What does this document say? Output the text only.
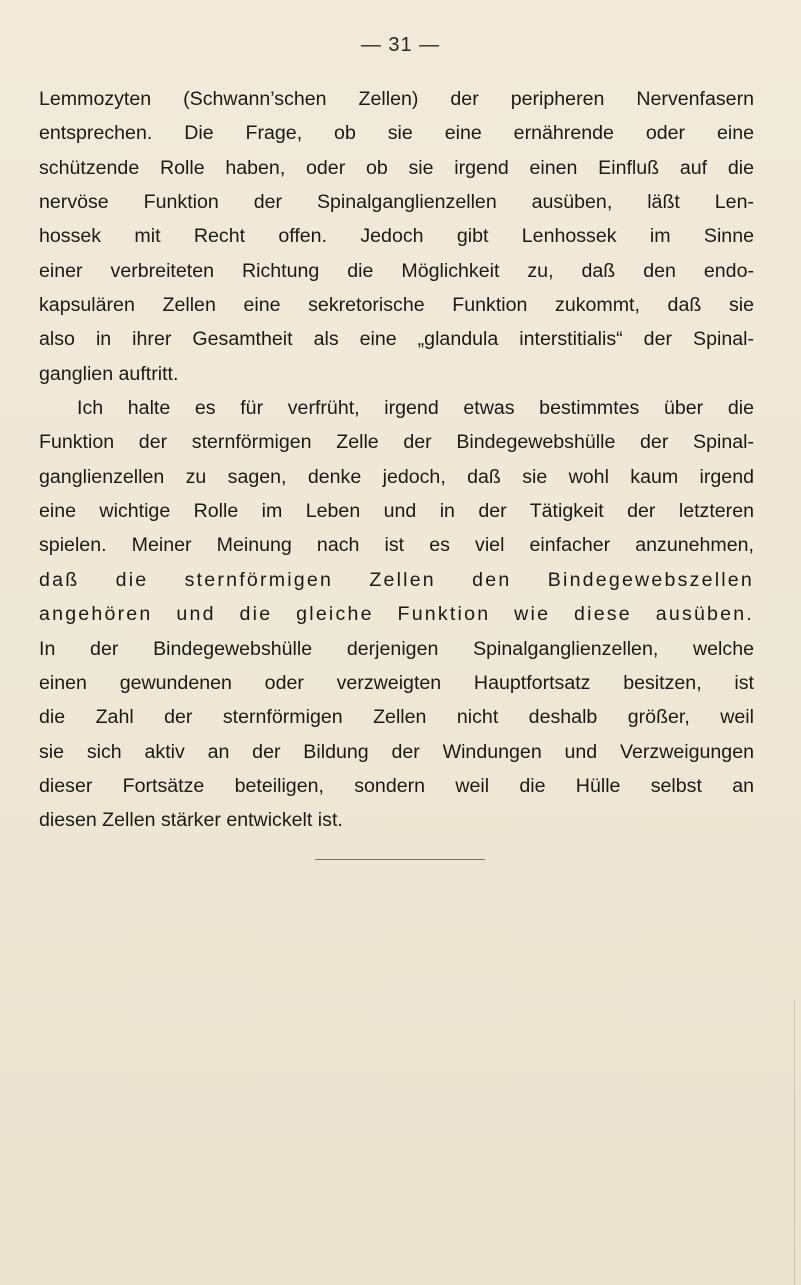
— 31 —
Lemmozyten (Schwann’schen Zellen) der peripheren Nervenfasern
entsprechen. Die Frage, ob sie eine ernährende oder eine
schützende Rolle haben, oder ob sie irgend einen Einfluß auf die
nervöse Funktion der Spinalganglienzellen ausüben, läßt Len-
hossek mit Recht offen. Jedoch gibt Lenhossek im Sinne
einer verbreiteten Richtung die Möglichkeit zu, daß den endo-
kapsulären Zellen eine sekretorische Funktion zukommt, daß sie
also in ihrer Gesamtheit als eine „glandula interstitialis“ der Spinal-
ganglien auftritt.
Ich halte es für verfrüht, irgend etwas bestimmtes über die
Funktion der sternförmigen Zelle der Bindegewebshülle der Spinal-
ganglienzellen zu sagen, denke jedoch, daß sie wohl kaum irgend
eine wichtige Rolle im Leben und in der Tätigkeit der letzteren
spielen. Meiner Meinung nach ist es viel einfacher anzunehmen,
daß die sternförmigen Zellen den Bindegewebszellen
angehören und die gleiche Funktion wie diese ausüben.
In der Bindegewebshülle derjenigen Spinalganglienzellen, welche
einen gewundenen oder verzweigten Hauptfortsatz besitzen, ist
die Zahl der sternförmigen Zellen nicht deshalb größer, weil
sie sich aktiv an der Bildung der Windungen und Verzweigungen
dieser Fortsätze beteiligen, sondern weil die Hülle selbst an
diesen Zellen stärker entwickelt ist.
